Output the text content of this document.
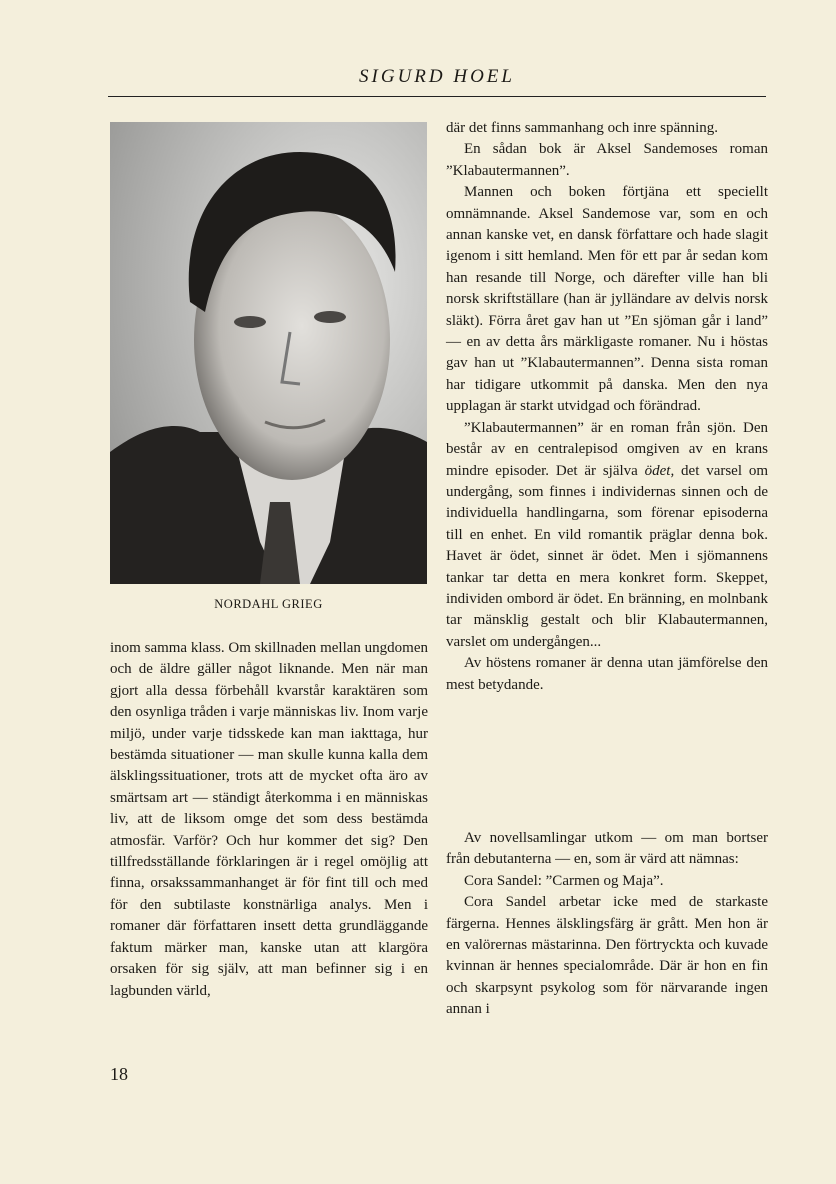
SIGURD HOEL
NORDAHL GRIEG

inom samma klass. Om skillnaden mellan ungdomen och de äldre gäller något liknande. Men när man gjort alla dessa förbehåll kvarstår karaktären som den osynliga tråden i varje människas liv. Inom varje miljö, under varje tidsskede kan man iakttaga, hur bestämda situationer — man skulle kunna kalla dem älsklingssituationer, trots att de mycket ofta äro av smärtsam art — ständigt återkomma i en människas liv, att de liksom omge det som dess bestämda atmosfär. Varför? Och hur kommer det sig? Den tillfredsställande förklaringen är i regel omöjlig att finna, orsakssammanhanget är för fint till och med för den subtilaste konstnärliga analys. Men i romaner där författaren insett detta grundläggande faktum märker man, kanske utan att klargöra orsaken för sig själv, att man befinner sig i en lagbunden värld,

där det finns sammanhang och inre spänning.

En sådan bok är Aksel Sandemoses roman ”Klabautermannen”.

Mannen och boken förtjäna ett speciellt omnämnande. Aksel Sandemose var, som en och annan kanske vet, en dansk författare och hade slagit igenom i sitt hemland. Men för ett par år sedan kom han resande till Norge, och därefter ville han bli norsk skriftställare (han är jylländare av delvis norsk släkt). Förra året gav han ut ”En sjöman går i land” — en av detta års märkligaste romaner. Nu i höstas gav han ut ”Klabautermannen”. Denna sista roman har tidigare utkommit på danska. Men den nya upplagan är starkt utvidgad och förändrad.

”Klabautermannen” är en roman från sjön. Den består av en centralepisod omgiven av en krans mindre episoder. Det är själva ödet, det varsel om undergång, som finnes i individernas sinnen och de individuella handlingarna, som förenar episoderna till en enhet. En vild romantik präglar denna bok. Havet är ödet, sinnet är ödet. Men i sjömannens tankar tar detta en mera konkret form. Skeppet, individen ombord är ödet. En bränning, en molnbank tar mänsklig gestalt och blir Klabautermannen, varslet om undergången...

Av höstens romaner är denna utan jämförelse den mest betydande.

Av novellsamlingar utkom — om man bortser från debutanterna — en, som är värd att nämnas:

Cora Sandel: ”Carmen og Maja”.

Cora Sandel arbetar icke med de starkaste färgerna. Hennes älsklingsfärg är grått. Men hon är en valörernas mästarinna. Den förtryckta och kuvade kvinnan är hennes specialområde. Där är hon en fin och skarpsynt psykolog som för närvarande ingen annan i

18
